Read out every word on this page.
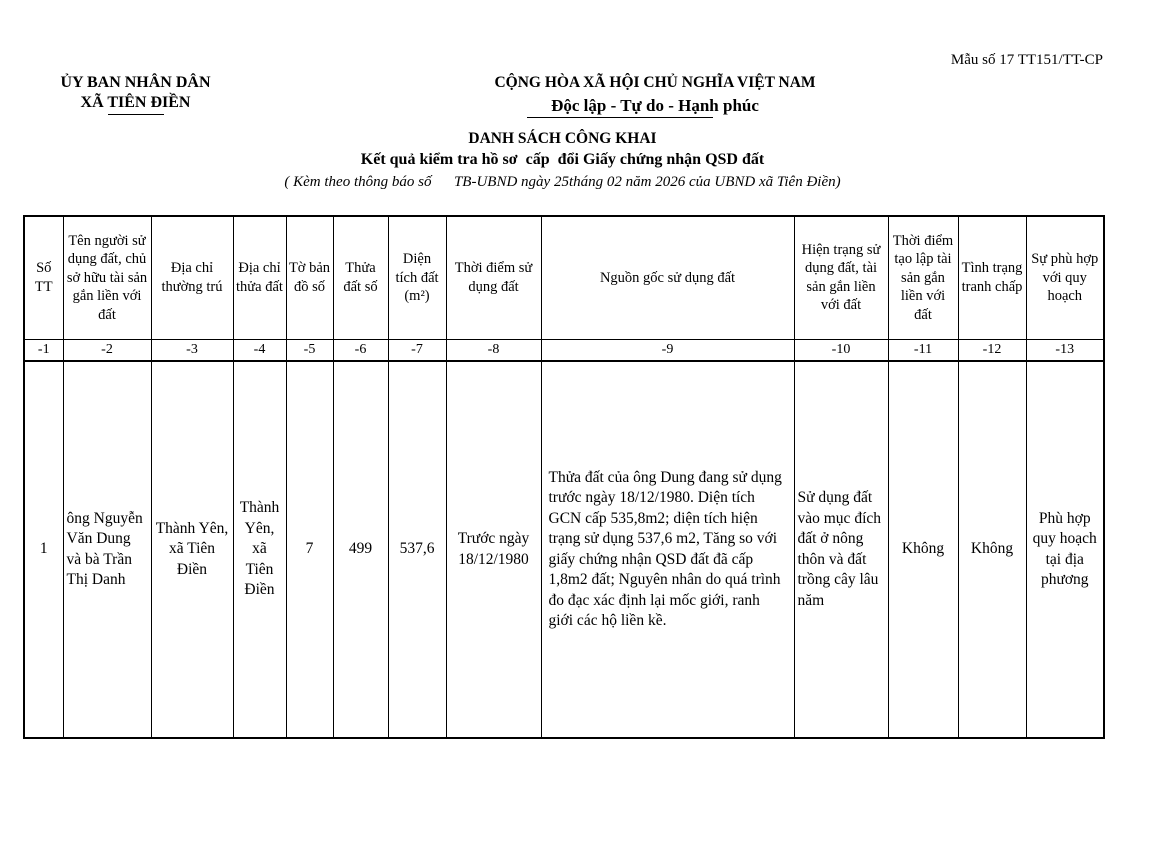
Mẫu số 17 TT151/TT-CP
ỦY BAN NHÂN DÂN
XÃ TIÊN ĐIỀN
CỘNG HÒA XÃ HỘI CHỦ NGHĨA VIỆT NAM
Độc lập - Tự do - Hạnh phúc
DANH SÁCH CÔNG KHAI
Kết quả kiểm tra hồ sơ  cấp  đổi Giấy chứng nhận QSD đất
( Kèm theo thông báo số      TB-UBND ngày 25tháng 02 năm 2026 của UBND xã Tiên Điền)
Số TT	Tên người sử dụng đất, chủ sở hữu tài sản gắn liền với đất	Địa chỉ thường trú	Địa chỉ thửa đất	Tờ bản đồ số	Thửa đất số	Diện tích đất (m²)	Thời điểm sử dụng đất	Nguồn gốc sử dụng đất	Hiện trạng sử dụng đất, tài sản gắn liền với đất	Thời điểm tạo lập tài sản gắn liền với đất	Tình trạng tranh chấp	Sự phù hợp với quy hoạch
-1	-2	-3	-4	-5	-6	-7	-8	-9	-10	-11	-12	-13
1	ông Nguyễn Văn Dung và bà Trần Thị Danh	Thành Yên, xã Tiên Điền	Thành Yên, xã Tiên Điền	7	499	537,6	Trước ngày 18/12/1980	Thửa đất của ông Dung đang sử dụng trước ngày 18/12/1980. Diện tích GCN cấp 535,8m2; diện tích hiện trạng sử dụng 537,6 m2, Tăng so với giấy chứng nhận QSD đất đã cấp 1,8m2 đất; Nguyên nhân do quá trình đo đạc xác định lại mốc giới, ranh giới các hộ liền kề.	Sử dụng đất vào mục đích đất ở nông thôn và đất trồng cây lâu năm	Không	Không	Phù hợp quy hoạch tại địa phương
